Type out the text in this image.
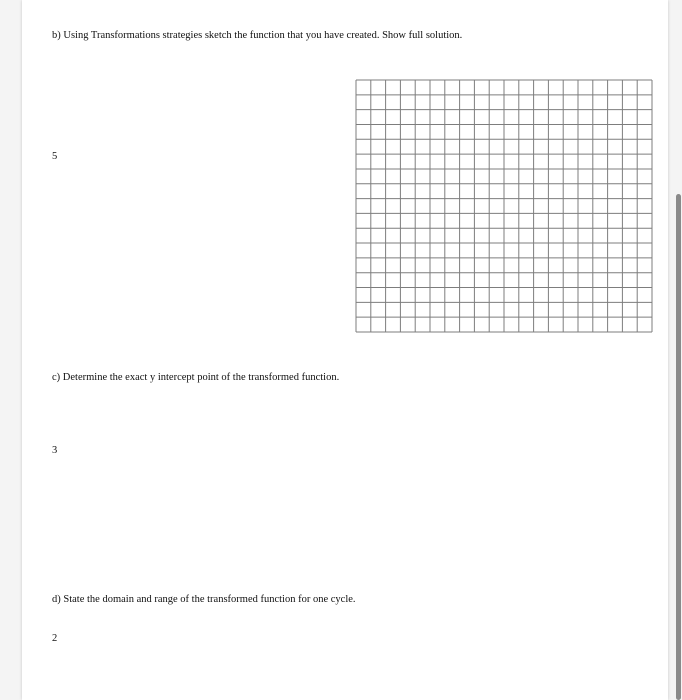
b) Using Transformations strategies sketch the function that you have created. Show full solution.
5
c) Determine the exact y intercept point of the transformed function.
3
d) State the domain and range of the transformed function for one cycle.
2
